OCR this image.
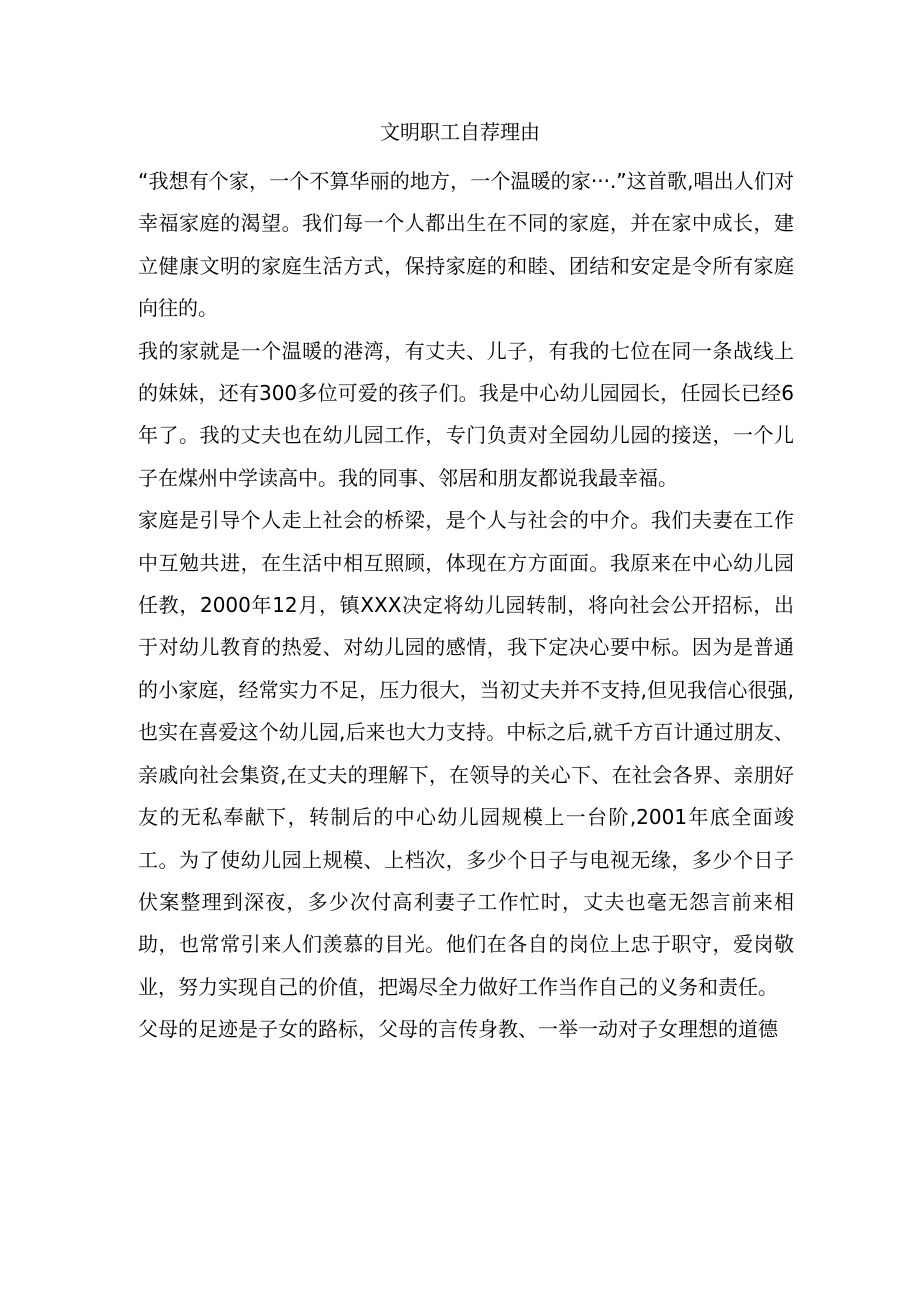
文明职工自荐理由

“我想有个家，一个不算华丽的地方，一个温暖的家···.”这首歌,唱出人们对幸福家庭的渴望。我们每一个人都出生在不同的家庭，并在家中成长，建立健康文明的家庭生活方式，保持家庭的和睦、团结和安定是令所有家庭向往的。

我的家就是一个温暖的港湾，有丈夫、儿子，有我的七位在同一条战线上的妹妹，还有300多位可爱的孩子们。我是中心幼儿园园长，任园长已经6年了。我的丈夫也在幼儿园工作，专门负责对全园幼儿园的接送，一个儿子在煤州中学读高中。我的同事、邻居和朋友都说我最幸福。

家庭是引导个人走上社会的桥梁，是个人与社会的中介。我们夫妻在工作中互勉共进，在生活中相互照顾，体现在方方面面。我原来在中心幼儿园任教，2000年12月，镇XXX决定将幼儿园转制，将向社会公开招标，出于对幼儿教育的热爱、对幼儿园的感情，我下定决心要中标。因为是普通的小家庭，经常实力不足，压力很大，当初丈夫并不支持,但见我信心很强,也实在喜爱这个幼儿园,后来也大力支持。中标之后,就千方百计通过朋友、亲戚向社会集资,在丈夫的理解下，在领导的关心下、在社会各界、亲朋好友的无私奉献下，转制后的中心幼儿园规模上一台阶,2001年底全面竣工。为了使幼儿园上规模、上档次，多少个日子与电视无缘，多少个日子伏案整理到深夜，多少次付高利妻子工作忙时，丈夫也毫无怨言前来相助，也常常引来人们羡慕的目光。他们在各自的岗位上忠于职守，爱岗敬业，努力实现自己的价值，把竭尽全力做好工作当作自己的义务和责任。

父母的足迹是子女的路标，父母的言传身教、一举一动对子女理想的道德
